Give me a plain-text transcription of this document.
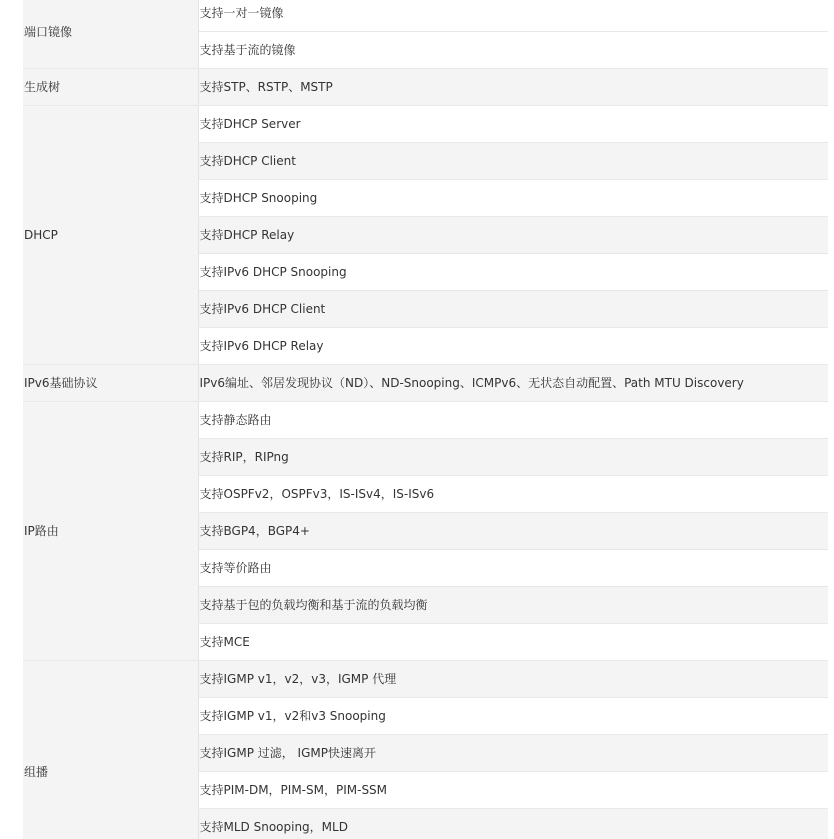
端口镜像	支持一对一镜像
	支持基于流的镜像
生成树	支持STP、RSTP、MSTP
DHCP	支持DHCP Server
	支持DHCP Client
	支持DHCP Snooping
	支持DHCP Relay
	支持IPv6 DHCP Snooping
	支持IPv6 DHCP Client
	支持IPv6 DHCP Relay
IPv6基础协议	IPv6编址、邻居发现协议（ND）、ND-Snooping、ICMPv6、无状态自动配置、Path MTU Discovery
IP路由	支持静态路由
	支持RIP，RIPng
	支持OSPFv2，OSPFv3，IS-ISv4，IS-ISv6
	支持BGP4，BGP4+
	支持等价路由
	支持基于包的负载均衡和基于流的负载均衡
	支持MCE
组播	支持IGMP v1，v2，v3，IGMP 代理
	支持IGMP v1，v2和v3 Snooping
	支持IGMP 过滤， IGMP快速离开
	支持PIM-DM，PIM-SM，PIM-SSM
	支持MLD Snooping，MLD
